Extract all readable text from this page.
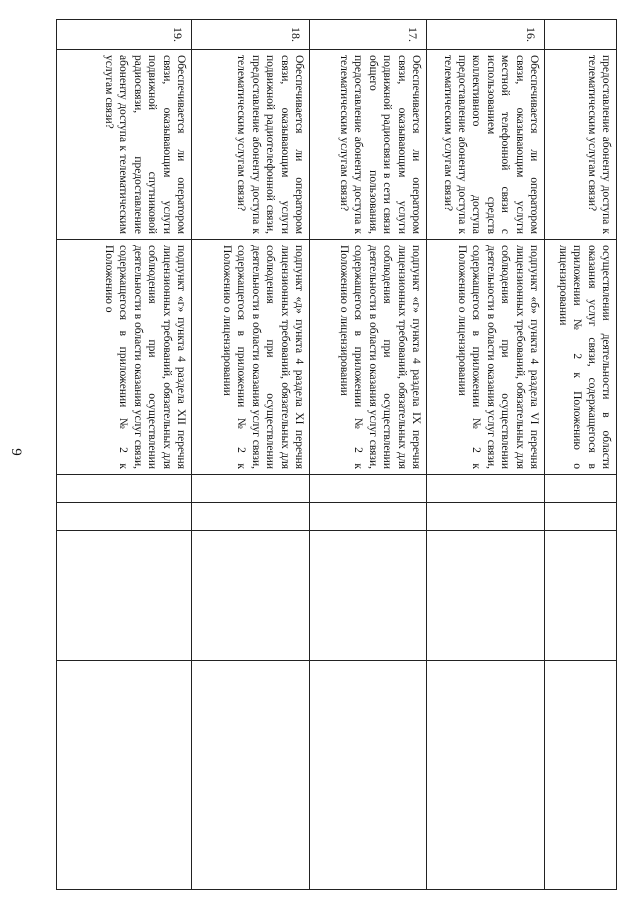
9
	предоставление абоненту доступа к телематическим услугам связи?	осуществлении деятельности в области оказания услуг связи, содержащегося в приложении № 2 к Положению о лицензировании				
16.	Обеспечивается ли оператором связи, оказывающим услуги местной телефонной связи с использованием средств коллективного доступа предоставление абоненту доступа к телематическим услугам связи?	подпункт «б» пункта 4 раздела VI перечня лицензионных требований, обязательных для соблюдения при осуществлении деятельности в области оказания услуг связи, содержащегося в приложении № 2 к Положению о лицензировании				
17.	Обеспечивается ли оператором связи, оказывающим услуги подвижной радиосвязи в сети связи общего пользования, предоставление абоненту доступа к телематическим услугам связи?	подпункт «г» пункта 4 раздела IX перечня лицензионных требований, обязательных для соблюдения при осуществлении деятельности в области оказания услуг связи, содержащегося в приложении № 2 к Положению о лицензировании				
18.	Обеспечивается ли оператором связи, оказывающим услуги подвижной радиотелефонной связи, предоставление абоненту доступа к телематическим услугам связи?	подпункт «д» пункта 4 раздела XI перечня лицензионных требований, обязательных для соблюдения при осуществлении деятельности в области оказания услуг связи, содержащегося в приложении № 2 к Положению о лицензировании				
19.	Обеспечивается ли оператором связи, оказывающим услуги подвижной спутниковой радиосвязи, предоставление абоненту доступа к телематическим услугам связи?	подпункт «г» пункта 4 раздела XII перечня лицензионных требований, обязательных для соблюдения при осуществлении деятельности в области оказания услуг связи, содержащегося в приложении № 2 к Положению о				
